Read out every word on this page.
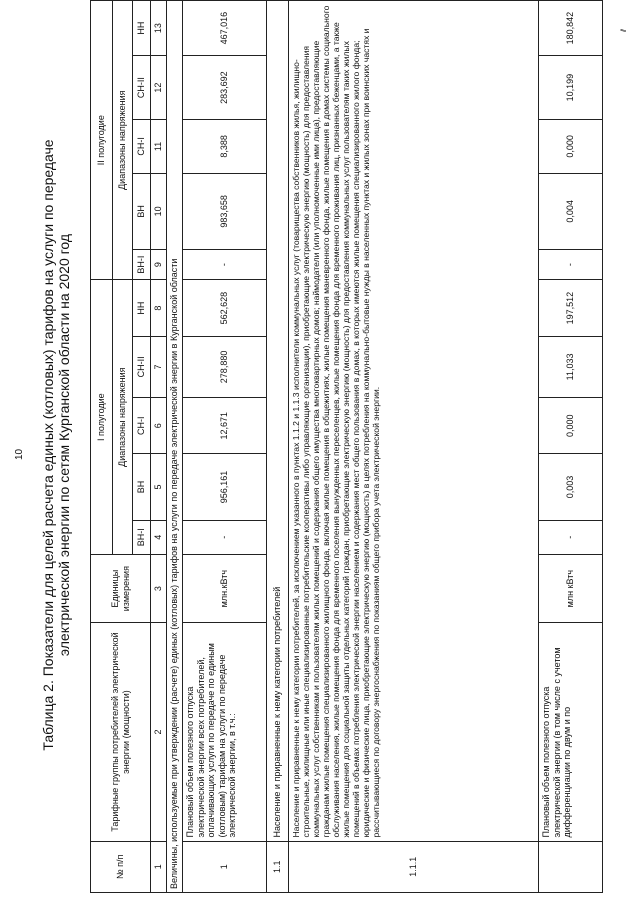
10 Таблица 2. Показатели для целей расчета единых (котловых) тарифов на услуги по передаче электрической энергии по сетям Курганской области на 2020 год
№ п/п	Тарифные группы потребителей электрической энергии (мощности)	Единицы измерения	I полугодие					II полугодие				
			Диапазоны напряжения					Диапазоны напряжения				
			ВН-I	ВН	СН-I	СН-II	НН	ВН-I	ВН	СН-I	СН-II	НН
1	2	3	4	5	6	7	8	9	10	11	12	13
Величины, используемые при утверждении (расчете) единых (котловых) тарифов на услуги по передаче электрической энергии в Курганской области												
1	Плановый объем полезного отпуска электрической энергии всех потребителей, оплачивающих услуги по передаче по единым (котловым) тарифам на услуги по передаче электрической энергии, в т.ч.:	млн.кВтч	-	956,161	12,671	278,880	562,628	-	983,658	8,388	283,692	467,016
1.1	Население и приравненные к нему категории потребителей											
1.1.1	Население и приравненные к нему категории потребителей, за исключением указанного в пунктах 1.1.2 и 1.1.3 исполнители коммунальных услуг (товарищества собственников жилья, жилищно-строительные, жилищные или иные специализированные потребительские кооперативы либо управляющие организации), приобретающие электрическую энергию (мощность) для предоставления коммунальных услуг собственникам и пользователям жилых помещений и содержания общего имущества многоквартирных домов; наймодатели (или уполномоченные ими лица), предоставляющие гражданам жилые помещения специализированного жилищного фонда, включая жилые помещения в общежитиях, жилые помещения маневренного фонда, жилые помещения в домах системы социального обслуживания населения, жилые помещения фонда для временного поселения вынужденных переселенцев, жилые помещения фонда для временного проживания лиц, признанных беженцами, а также жилые помещения для социальной защиты отдельных категорий граждан, приобретающие электрическую энергию (мощность) для предоставления коммунальных услуг пользователям таких жилых помещений в объемах потребления электрической энергии населением и содержания мест общего пользования в домах, в которых имеются жилые помещения специализированного жилого фонда; юридические и физические лица, приобретающие электрическую энергию (мощность) в целях потребления на коммунально-бытовые нужды в населенных пунктах и жилых зонах при воинских частях и рассчитывающиеся по договору энергоснабжения по показаниям общего прибора учета электрической энергии.											
	Плановый объем полезного отпуска электрической энергии (в том числе с учетом дифференциации по двум и по	млн кВтч	-	0,003	0,000	11,033	197,512	-	0,004	0,000	10,199	180,842	//
